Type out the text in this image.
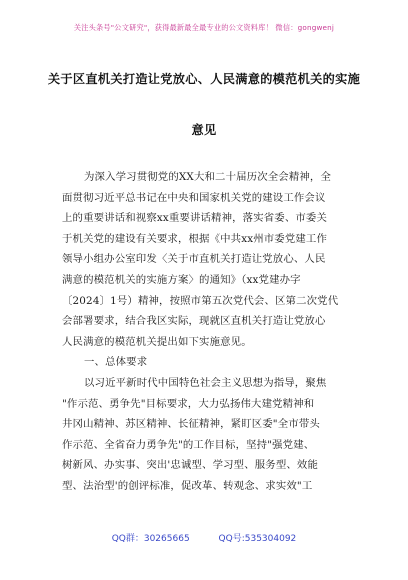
关注头条号"公文研究"，获得最新最全最专业的公文资料库！ 微信：gongwenj
关于区直机关打造让党放心、人民满意的模范机关的实施
意见
为深入学习贯彻党的XX大和二十届历次全会精神，全
面贯彻习近平总书记在中央和国家机关党的建设工作会议
上的重要讲话和视察xx重要讲话精神，落实省委、市委关
于机关党的建设有关要求，根据《中共xx州市委党建工作
领导小组办公室印发〈关于市直机关打造让党放心、人民
满意的模范机关的实施方案〉的通知》（xx党建办字
〔2024〕1号）精神，按照市第五次党代会、区第二次党代
会部署要求，结合我区实际，现就区直机关打造让党放心
人民满意的模范机关提出如下实施意见。
一、总体要求
以习近平新时代中国特色社会主义思想为指导，聚焦
"作示范、勇争先"目标要求，大力弘扬伟大建党精神和
井冈山精神、苏区精神、长征精神，紧盯区委"全市带头
作示范、全省奋力勇争先"的工作目标，坚持"强党建、
树新风、办实事、突出'忠诚型、学习型、服务型、效能
型、法治型'的创评标准，促改革、转观念、求实效"工
QQ群：30265665	QQ号:535304092
